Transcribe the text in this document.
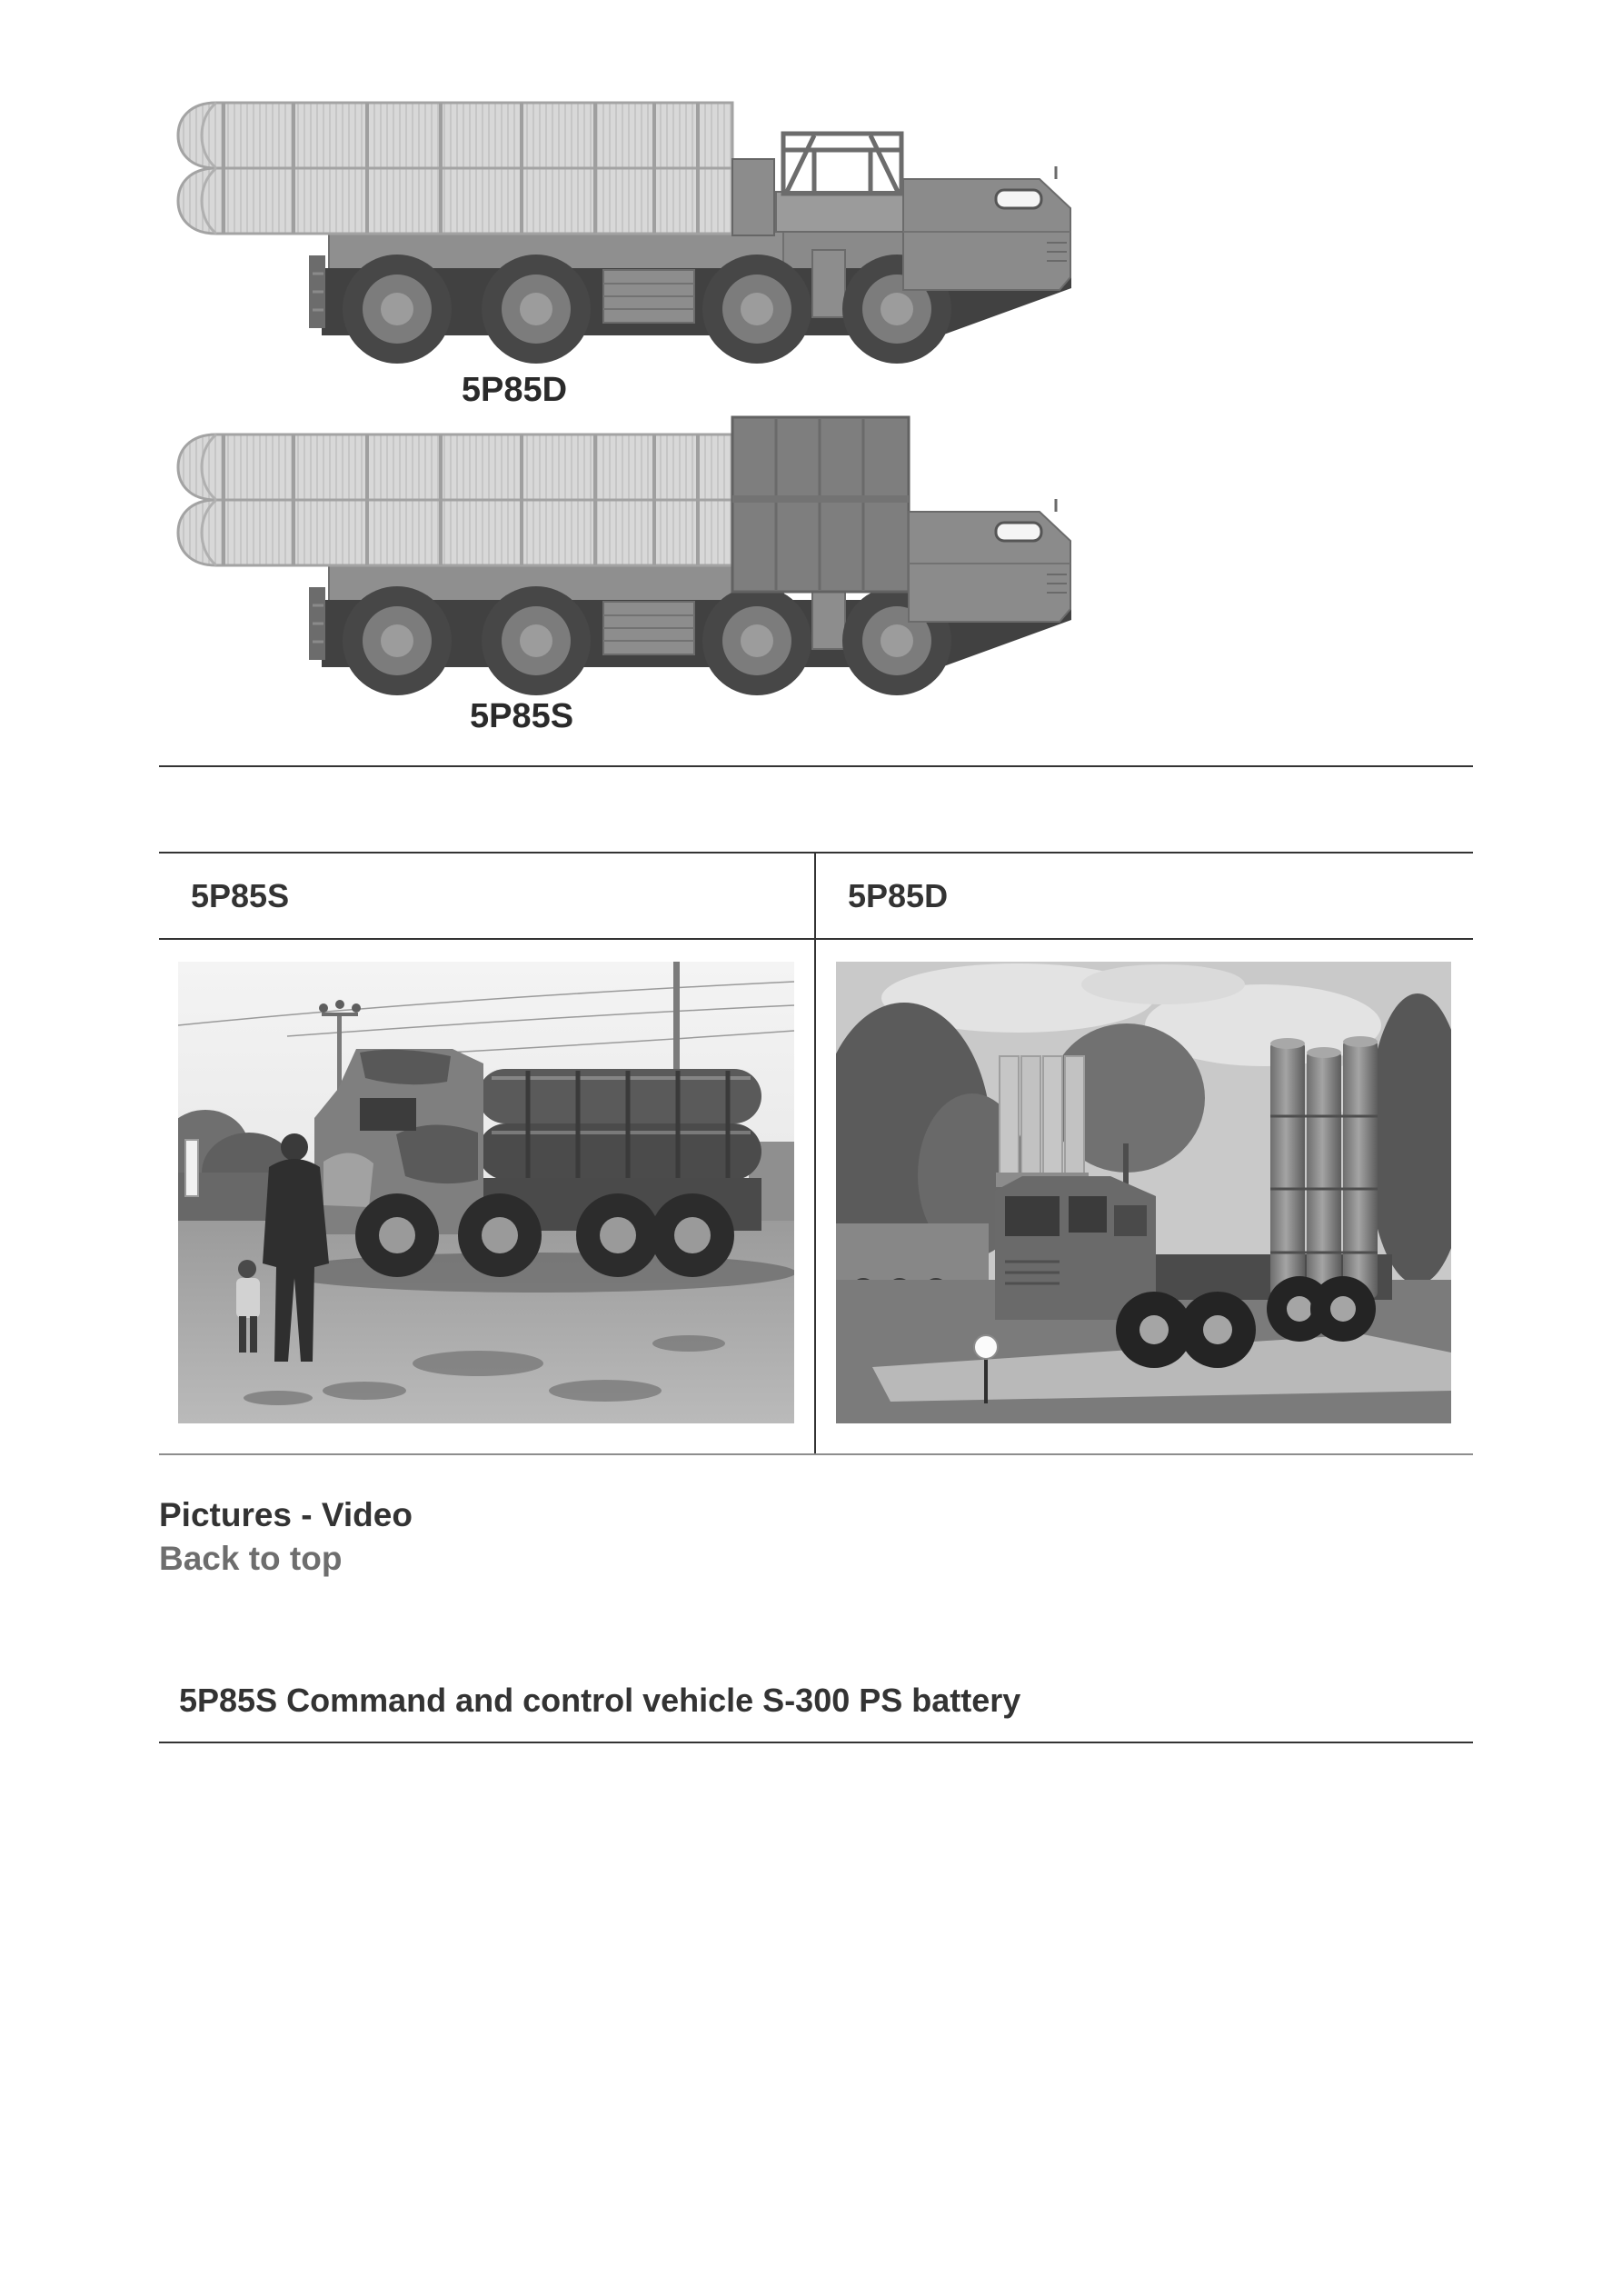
5P85D
5P85S
5P85S	5P85D
Pictures - Video
Back to top
5P85S Command and control vehicle S-300 PS battery
